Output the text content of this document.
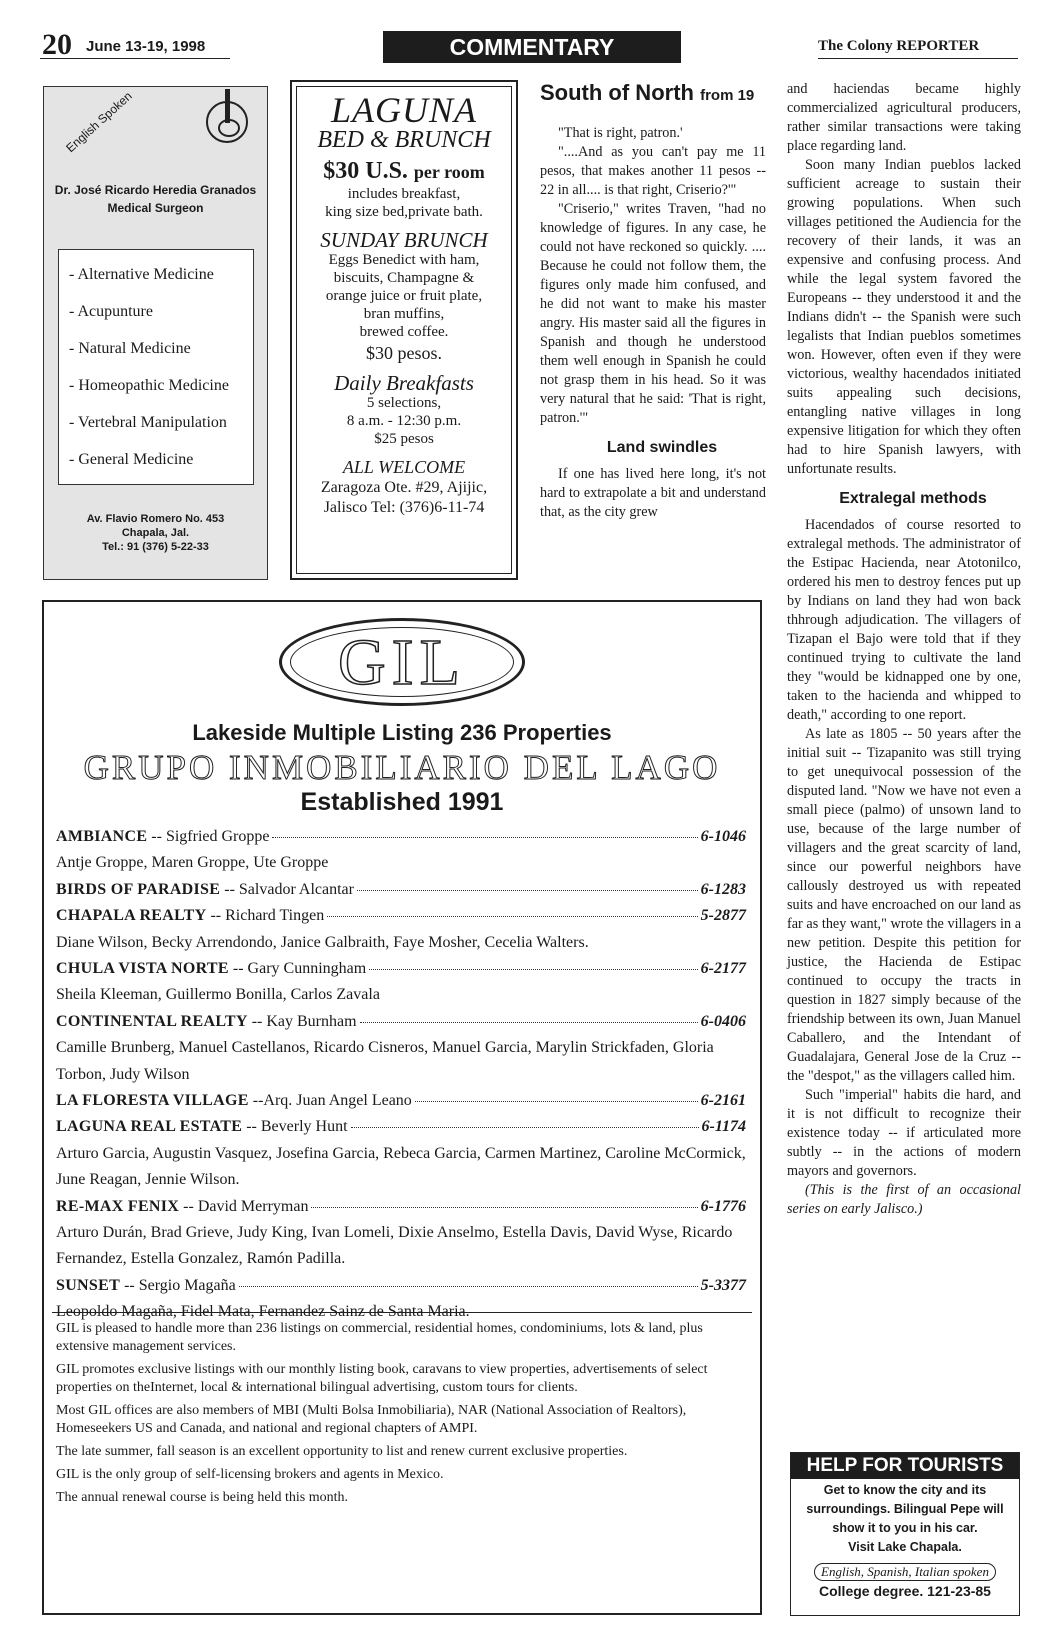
20 June 13-19, 1998	COMMENTARY	The Colony REPORTER
English Spoken
Dr. José Ricardo Heredia Granados
Medical Surgeon
- Alternative Medicine
- Acupunture
- Natural Medicine
- Homeopathic Medicine
- Vertebral Manipulation
- General Medicine
Av. Flavio Romero No. 453
Chapala, Jal.
Tel.: 91 (376) 5-22-33
LAGUNA
BED & BRUNCH
$30 U.S. per room
includes breakfast,
king size bed,private bath.
SUNDAY BRUNCH
Eggs Benedict with ham,
biscuits, Champagne &
orange juice or fruit plate,
bran muffins,
brewed coffee.
$30 pesos.
Daily Breakfasts
5 selections,
8 a.m. - 12:30 p.m.
$25 pesos
ALL WELCOME
Zaragoza Ote. #29, Ajijic,
Jalisco Tel: (376)6-11-74
South of North from 19

"That is right, patron.'

"....And as you can't pay me 11 pesos, that makes another 11 pesos -- 22 in all.... is that right, Criserio?'"

"Criserio," writes Traven, "had no knowledge of figures. In any case, he could not have reckoned so quickly. .... Because he could not follow them, the figures only made him confused, and he did not want to make his master angry. His master said all the figures in Spanish and though he understood them well enough in Spanish he could not grasp them in his head. So it was very natural that he said: 'That is right, patron.'"

Land swindles

If one has lived here long, it's not hard to extrapolate a bit and understand that, as the city grew

and haciendas became highly commercialized agricultural producers, rather similar transactions were taking place regarding land.

Soon many Indian pueblos lacked sufficient acreage to sustain their growing populations. When such villages petitioned the Audiencia for the recovery of their lands, it was an expensive and confusing process. And while the legal system favored the Europeans -- they understood it and the Indians didn't -- the Spanish were such legalists that Indian pueblos sometimes won. However, often even if they were victorious, wealthy hacendados initiated suits appealing such decisions, entangling native villages in long expensive litigation for which they often had to hire Spanish lawyers, with unfortunate results.

Extralegal methods

Hacendados of course resorted to extralegal methods. The administrator of the Estipac Hacienda, near Atotonilco, ordered his men to destroy fences put up by Indians on land they had won back thhrough adjudication. The villagers of Tizapan el Bajo were told that if they continued trying to cultivate the land they "would be kidnapped one by one, taken to the hacienda and whipped to death," according to one report.

As late as 1805 -- 50 years after the initial suit -- Tizapanito was still trying to get unequivocal possession of the disputed land. "Now we have not even a small piece (palmo) of unsown land to use, because of the large number of villagers and the great scarcity of land, since our powerful neighbors have callously destroyed us with repeated suits and have encroached on our land as far as they want," wrote the villagers in a new petition. Despite this petition for justice, the Hacienda de Estipac continued to occupy the tracts in question in 1827 simply because of the friendship between its own, Juan Manuel Caballero, and the Intendant of Guadalajara, General Jose de la Cruz -- the "despot," as the villagers called him.

Such "imperial" habits die hard, and it is not difficult to recognize their existence today -- if articulated more subtly -- in the actions of modern mayors and governors.

(This is the first of an occasional series on early Jalisco.)

GIL
Lakeside Multiple Listing 236 Properties
GRUPO INMOBILIARIO DEL LAGO
Established 1991
AMBIANCE -- Sigfried Groppe	6-1046
Antje Groppe, Maren Groppe, Ute Groppe
BIRDS OF PARADISE -- Salvador Alcantar	6-1283
CHAPALA REALTY -- Richard Tingen	5-2877
Diane Wilson, Becky Arrendondo, Janice Galbraith, Faye Mosher, Cecelia Walters.
CHULA VISTA NORTE -- Gary Cunningham	6-2177
Sheila Kleeman, Guillermo Bonilla, Carlos Zavala
CONTINENTAL REALTY -- Kay Burnham	6-0406
Camille Brunberg, Manuel Castellanos, Ricardo Cisneros, Manuel Garcia, Marylin Strickfaden, Gloria Torbon, Judy Wilson
LA FLORESTA VILLAGE --Arq. Juan Angel Leano	6-2161
LAGUNA REAL ESTATE -- Beverly Hunt	6-1174
Arturo Garcia, Augustin Vasquez, Josefina Garcia, Rebeca Garcia, Carmen Martinez, Caroline McCormick, June Reagan, Jennie Wilson.
RE-MAX FENIX -- David Merryman	6-1776
Arturo Durán, Brad Grieve, Judy King, Ivan Lomeli, Dixie Anselmo, Estella Davis, David Wyse, Ricardo Fernandez, Estella Gonzalez, Ramón Padilla.
SUNSET -- Sergio Magaña	5-3377
Leopoldo Magaña, Fidel Mata, Fernandez Sainz de Santa Maria.

GIL is pleased to handle more than 236 listings on commercial, residential homes, condominiums, lots & land, plus extensive management services.

GIL promotes exclusive listings with our monthly listing book, caravans to view properties, advertisements of select properties on theInternet, local & international bilingual advertising, custom tours for clients.

Most GIL offices are also members of MBI (Multi Bolsa Inmobiliaria), NAR (National Association of Realtors), Homeseekers US and Canada, and national and regional chapters of AMPI.

The late summer, fall season is an excellent opportunity to list and renew current exclusive properties.

GIL is the only group of self-licensing brokers and agents in Mexico.

The annual renewal course is being held this month.

HELP FOR TOURISTS
Get to know the city and its
surroundings. Bilingual Pepe will
show it to you in his car.
Visit Lake Chapala.
English, Spanish, Italian spoken
College degree. 121-23-85
